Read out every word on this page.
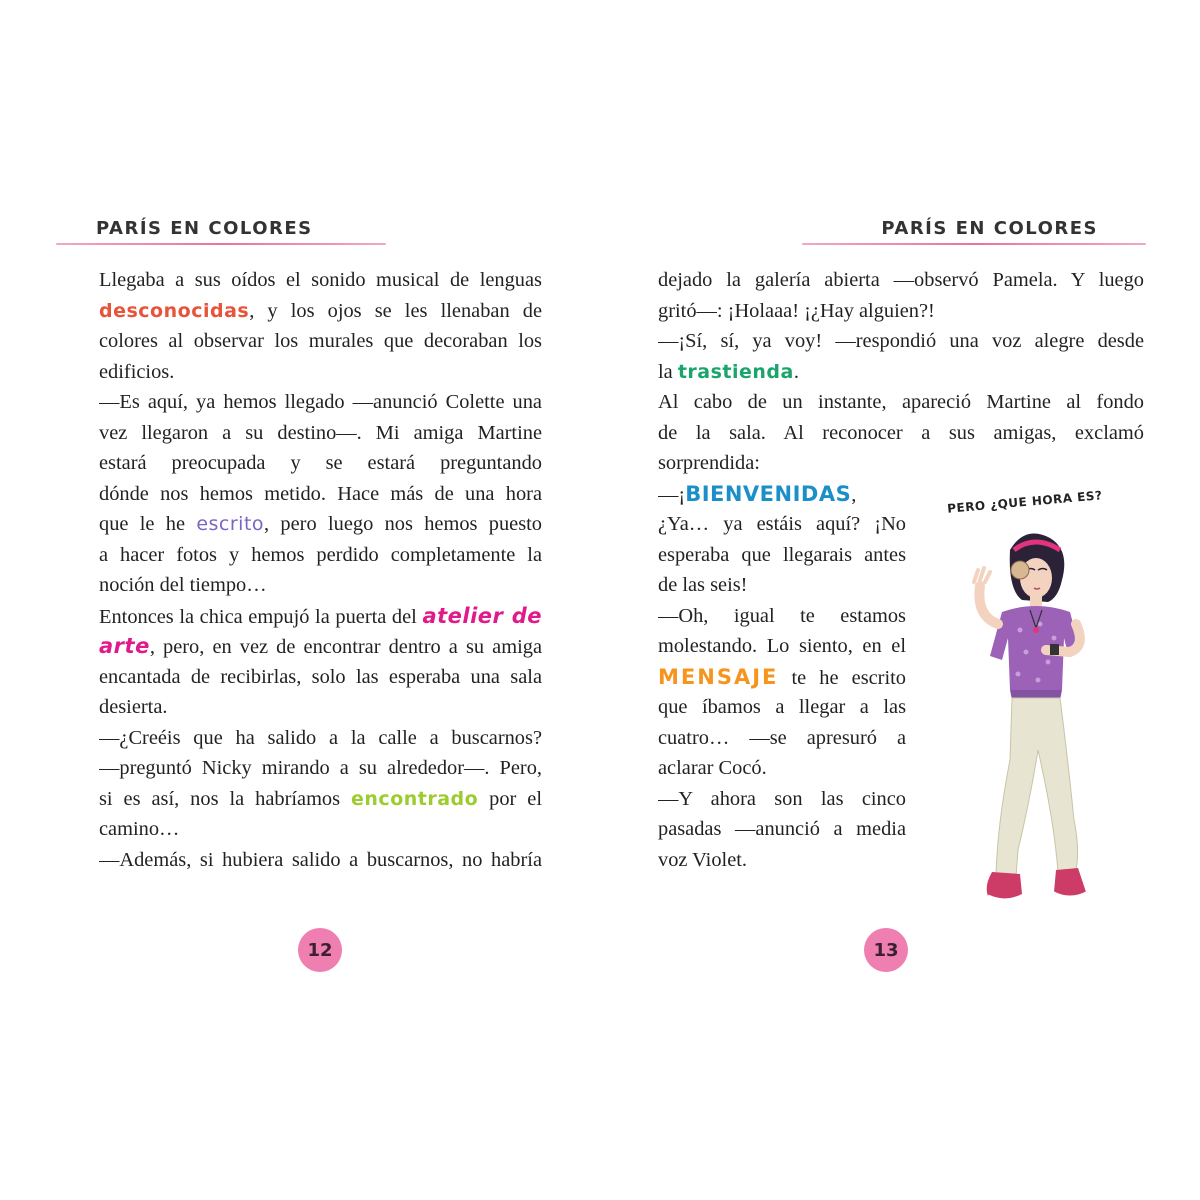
PARÍS EN COLORES
Llegaba a sus oídos el sonido musical de lenguas
desconocidas, y los ojos se les llenaban de
colores al observar los murales que decoraban los
edificios.
—Es aquí, ya hemos llegado —anunció Colette una
vez llegaron a su destino—. Mi amiga Martine
estará preocupada y se estará preguntando
dónde nos hemos metido. Hace más de una hora
que le he escrito, pero luego nos hemos puesto
a hacer fotos y hemos perdido completamente la
noción del tiempo…
Entonces la chica empujó la puerta del atelier de
arte, pero, en vez de encontrar dentro a su amiga
encantada de recibirlas, solo las esperaba una sala
desierta.
—¿Creéis que ha salido a la calle a buscarnos?
—preguntó Nicky mirando a su alrededor—. Pero,
si es así, nos la habríamos encontrado por el
camino…
—Además, si hubiera salido a buscarnos, no habría
12
PARÍS EN COLORES
dejado la galería abierta —observó Pamela. Y luego
gritó—: ¡Holaaa! ¡¿Hay alguien?!
—¡Sí, sí, ya voy! —respondió una voz alegre desde
la trastienda.
Al cabo de un instante, apareció Martine al fondo
de la sala. Al reconocer a sus amigas, exclamó
sorprendida:
—¡BIENVENIDAS,
¿Ya… ya estáis aquí? ¡No
esperaba que llegarais antes
de las seis!
—Oh, igual te estamos
molestando. Lo siento, en el
MENSAJE te he escrito
que íbamos a llegar a las
cuatro… —se apresuró a
aclarar Cocó.
—Y ahora son las cinco
pasadas —anunció a media
voz Violet.
PERO ¿QUE HORA ES?
13
